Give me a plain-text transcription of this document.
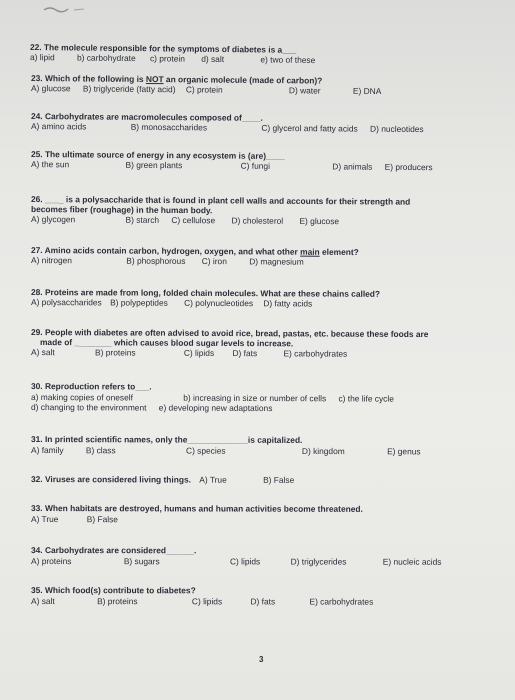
22. The molecule responsible for the symptoms of diabetes is a___
a) lipid	b) carbohydrate c) protein d) salt	e) two of these
23. Which of the following is NOT an organic molecule (made of carbon)?
A) glucose B) triglyceride (fatty acid) C) protein	D) water	E) DNA
24. Carbohydrates are macromolecules composed of____.
A) amino acids	B) monosaccharides	C) glycerol and fatty acids D) nucleotides
25. The ultimate source of energy in any ecosystem is (are)____
A) the sun	B) green plants	C) fungi	D) animals E) producers
26. ____ is a polysaccharide that is found in plant cell walls and accounts for their strength and
becomes fiber (roughage) in the human body.
A) glycogen	B) starch C) cellulose D) cholesterol E) glucose
27. Amino acids contain carbon, hydrogen, oxygen, and what other main element?
A) nitrogen	B) phosphorous C) iron	D) magnesium
28. Proteins are made from long, folded chain molecules. What are these chains called?
A) polysaccharides B) polypeptides C) polynucleotides D) fatty acids
29. People with diabetes are often advised to avoid rice, bread, pastas, etc. because these foods are
made of ________ which causes blood sugar levels to increase.
A) salt	B) proteins	C) lipids D) fats	E) carbohydrates
30. Reproduction refers to___.
a) making copies of oneself	b) increasing in size or number of cells c) the life cycle
d) changing to the environment e) developing new adaptations
31. In printed scientific names, only the_____________is capitalized.
A) family	B) class	C) species	D) kingdom	E) genus
32. Viruses are considered living things. A) True	B) False
33. When habitats are destroyed, humans and human activities become threatened.
A) True	B) False
34. Carbohydrates are considered______.
A) proteins	B) sugars	C) lipids	D) triglycerides	E) nucleic acids
35. Which food(s) contribute to diabetes?
A) salt	B) proteins	C) lipids	D) fats	E) carbohydrates
3
